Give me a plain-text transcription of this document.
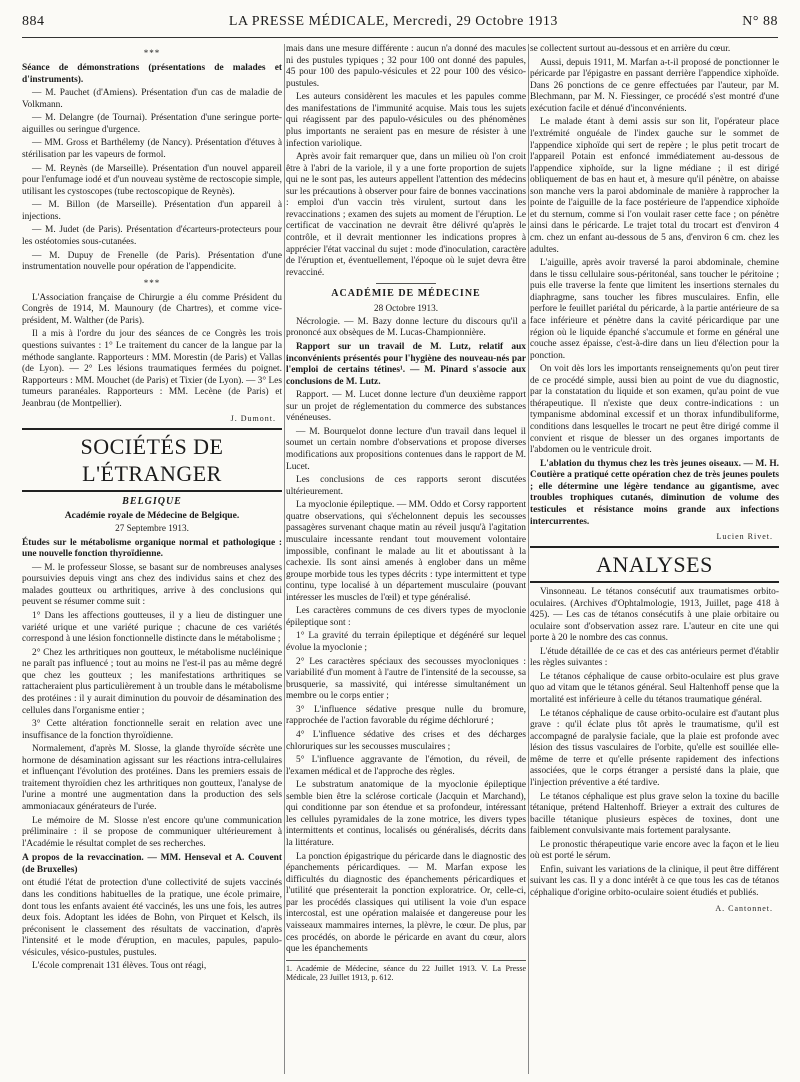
884	LA PRESSE MÉDICALE, Mercredi, 29 Octobre 1913	N° 88
***

Séance de démonstrations (présentations de malades et d'instruments).

— M. Pauchet (d'Amiens). Présentation d'un cas de maladie de Volkmann.

— M. Delangre (de Tournai). Présentation d'une seringue porte-aiguilles ou seringue d'urgence.

— MM. Gross et Barthélemy (de Nancy). Présentation d'étuves à stérilisation par les vapeurs de formol.

— M. Reynès (de Marseille). Présentation d'un nouvel appareil pour l'enfumage iodé et d'un nouveau système de rectoscopie simple, utilisant les cystoscopes (tube rectoscopique de Reynès).

— M. Billon (de Marseille). Présentation d'un appareil à injections.

— M. Judet (de Paris). Présentation d'écarteurs-protecteurs pour les ostéotomies sous-cutanées.

— M. Dupuy de Frenelle (de Paris). Présentation d'une instrumentation nouvelle pour opération de l'appendicite.

***

L'Association française de Chirurgie a élu comme Président du Congrès de 1914, M. Maunoury (de Chartres), et comme vice-président, M. Walther (de Paris).

Il a mis à l'ordre du jour des séances de ce Congrès les trois questions suivantes : 1° Le traitement du cancer de la langue par la méthode sanglante. Rapporteurs : MM. Morestin (de Paris) et Vallas (de Lyon). — 2° Les lésions traumatiques fermées du poignet. Rapporteurs : MM. Mouchet (de Paris) et Tixier (de Lyon). — 3° Les tumeurs paranéales. Rapporteurs : MM. Lecène (de Paris) et Jeanbrau (de Montpellier).

J. Dumont.
SOCIÉTÉS DE L'ÉTRANGER
BELGIQUE
Académie royale de Médecine de Belgique.
27 Septembre 1913.

Études sur le métabolisme organique normal et pathologique : une nouvelle fonction thyroïdienne.

— M. le professeur Slosse, se basant sur de nombreuses analyses poursuivies depuis vingt ans chez des individus sains et chez des malades goutteux ou arthritiques, arrive à des conclusions qui peuvent se résumer comme suit :

1° Dans les affections goutteuses, il y a lieu de distinguer une variété urique et une variété purique ; chacune de ces variétés correspond à une lésion fonctionnelle distincte dans le métabolisme ;

2° Chez les arthritiques non goutteux, le métabolisme nucléinique ne paraît pas influencé ; tout au moins ne l'est-il pas au même degré que chez les goutteux ; les manifestations arthritiques se rattacheraient plus particulièrement à un trouble dans le métabolisme des protéines : il y aurait diminution du pouvoir de désamination des cellules dans l'organisme entier ;

3° Cette altération fonctionnelle serait en relation avec une insuffisance de la fonction thyroïdienne.

Normalement, d'après M. Slosse, la glande thyroïde sécrète une hormone de désamination agissant sur les réactions intra-cellulaires et influençant l'évolution des protéines. Dans les premiers essais de traitement thyroïdien chez les arthritiques non goutteux, l'analyse de l'urine a montré une augmentation dans la production des sels ammoniacaux générateurs de l'urée.

Le mémoire de M. Slosse n'est encore qu'une communication préliminaire : il se propose de communiquer ultérieurement à l'Académie le résultat complet de ses recherches.

A propos de la revaccination. — MM. Henseval et A. Couvent (de Bruxelles)

ont étudié l'état de protection d'une collectivité de sujets vaccinés dans les conditions habituelles de la pratique, une école primaire, dont tous les enfants avaient été vaccinés, les uns une fois, les autres deux fois. Adoptant les idées de Bohn, von Pirquet et Kelsch, ils préconisent le classement des résultats de vaccination, d'après l'intensité et le mode d'éruption, en macules, papules, papulo-vésicules, vésico-pustules, pustules.

L'école comprenait 131 élèves. Tous ont réagi,

mais dans une mesure différente : aucun n'a donné des macules ni des pustules typiques ; 32 pour 100 ont donné des papules, 45 pour 100 des papulo-vésicules et 22 pour 100 des vésico-pustules.

Les auteurs considèrent les macules et les papules comme des manifestations de l'immunité acquise. Mais tous les sujets qui réagissent par des papulo-vésicules ou des phénomènes plus importants ne seraient pas en mesure de résister à une infection variolique.

Après avoir fait remarquer que, dans un milieu où l'on croit être à l'abri de la variole, il y a une forte proportion de sujets qui ne le sont pas, les auteurs appellent l'attention des médecins sur les précautions à observer pour faire de bonnes vaccinations : emploi d'un vaccin très virulent, surtout dans les revaccinations ; examen des sujets au moment de l'éruption. Le certificat de vaccination ne devrait être délivré qu'après le contrôle, et il devrait mentionner les indications propres à apprécier l'état vaccinal du sujet : mode d'inoculation, caractère de l'éruption et, éventuellement, l'époque où le sujet devra être revacciné.

ACADÉMIE DE MÉDECINE
28 Octobre 1913.

Nécrologie. — M. Bazy donne lecture du discours qu'il a prononcé aux obsèques de M. Lucas-Championnière.

Rapport sur un travail de M. Lutz, relatif aux inconvénients présentés pour l'hygiène des nouveau-nés par l'emploi de certains tétines¹. — M. Pinard s'associe aux conclusions de M. Lutz.

Rapport. — M. Lucet donne lecture d'un deuxième rapport sur un projet de réglementation du commerce des substances vénéneuses.

— M. Bourquelot donne lecture d'un travail dans lequel il soumet un certain nombre d'observations et propose diverses modifications aux propositions contenues dans le rapport de M. Lucet.

Les conclusions de ces rapports seront discutées ultérieurement.

La myoclonie épileptique. — MM. Oddo et Corsy rapportent quatre observations, qui s'échelonnent depuis les secousses passagères survenant chaque matin au réveil jusqu'à l'agitation musculaire incessante rendant tout mouvement volontaire impossible, confinant le malade au lit et aboutissant à la cachexie. Ils sont ainsi amenés à englober dans un même groupe morbide tous les types décrits : type intermittent et type continu, type localisé à un département musculaire (pouvant intéresser les muscles de l'œil) et type généralisé.

Les caractères communs de ces divers types de myoclonie épileptique sont :

1° La gravité du terrain épileptique et dégénéré sur lequel évolue la myoclonie ;

2° Les caractères spéciaux des secousses myocloniques : variabilité d'un moment à l'autre de l'intensité de la secousse, sa brusquerie, sa massivité, qui intéresse simultanément un membre ou le corps entier ;

3° L'influence sédative presque nulle du bromure, rapprochée de l'action favorable du régime déchloruré ;

4° L'influence sédative des crises et des décharges chloruriques sur les secousses musculaires ;

5° L'influence aggravante de l'émotion, du réveil, de l'examen médical et de l'approche des règles.

Le substratum anatomique de la myoclonie épileptique semble bien être la sclérose corticale (Jacquin et Marchand), qui conditionne par son étendue et sa profondeur, intéressant les cellules pyramidales de la zone motrice, les divers types intermittents et continus, localisés ou généralisés, décrits dans la littérature.

La ponction épigastrique du péricarde dans le diagnostic des épanchements péricardiques. — M. Marfan expose les difficultés du diagnostic des épanchements péricardiques et l'utilité que présenterait la ponction exploratrice. Or, celle-ci, par les procédés classiques qui utilisent la voie d'un espace intercostal, est une opération malaisée et dangereuse pour les vaisseaux mammaires internes, la plèvre, le cœur. De plus, par ces procédés, on aborde le péricarde en avant du cœur, alors que les épanchements

1. Académie de Médecine, séance du 22 Juillet 1913. V. La Presse Médicale, 23 Juillet 1913, p. 612.

se collectent surtout au-dessous et en arrière du cœur.

Aussi, depuis 1911, M. Marfan a-t-il proposé de ponctionner le péricarde par l'épigastre en passant derrière l'appendice xiphoïde. Dans 26 ponctions de ce genre effectuées par l'auteur, par M. Blechmann, par M. N. Fiessinger, ce procédé s'est montré d'une exécution facile et dénué d'inconvénients.

Le malade étant à demi assis sur son lit, l'opérateur place l'extrémité onguéale de l'index gauche sur le sommet de l'appendice xiphoïde qui sert de repère ; le plus petit trocart de l'appareil Potain est enfoncé immédiatement au-dessous de l'appendice xiphoïde, sur la ligne médiane ; il est dirigé obliquement de bas en haut et, à mesure qu'il pénètre, on abaisse son manche vers la paroi abdominale de manière à rapprocher la pointe de l'aiguille de la face postérieure de l'appendice xiphoïde et du sternum, comme si l'on voulait raser cette face ; on pénètre ainsi dans le péricarde. Le trajet total du trocart est d'environ 4 cm. chez un enfant au-dessous de 5 ans, d'environ 6 cm. chez les adultes.

L'aiguille, après avoir traversé la paroi abdominale, chemine dans le tissu cellulaire sous-péritonéal, sans toucher le péritoine ; puis elle traverse la fente que limitent les insertions sternales du diaphragme, sans toucher les fibres musculaires. Enfin, elle perfore le feuillet pariétal du péricarde, à la partie antérieure de sa face inférieure et pénètre dans la cavité péricardique par une région où le liquide épanché s'accumule et forme en général une couche assez épaisse, c'est-à-dire dans un lieu d'élection pour la ponction.

On voit dès lors les importants renseignements qu'on peut tirer de ce procédé simple, aussi bien au point de vue du diagnostic, par la constatation du liquide et son examen, qu'au point de vue thérapeutique. Il n'existe que deux contre-indications : un tympanisme abdominal excessif et un thorax infundibuliforme, conditions dans lesquelles le trocart ne peut être dirigé comme il convient et risque de blesser un des organes importants de l'abdomen ou le ventricule droit.

L'ablation du thymus chez les très jeunes oiseaux. — M. H. Coutière a pratiqué cette opération chez de très jeunes poulets ; elle détermine une légère tendance au gigantisme, avec troubles trophiques cutanés, diminution de volume des testicules et résistance moins grande aux infections intercurrentes.

Lucien Rivet.
ANALYSES

Vinsonneau. Le tétanos consécutif aux traumatismes orbito-oculaires. (Archives d'Ophtalmologie, 1913, Juillet, page 418 à 425). — Les cas de tétanos consécutifs à une plaie orbitaire ou oculaire sont d'observation assez rare. L'auteur en cite une qui porte à 20 le nombre des cas connus.

L'étude détaillée de ce cas et des cas antérieurs permet d'établir les règles suivantes :

Le tétanos céphalique de cause orbito-oculaire est plus grave quo ad vitam que le tétanos général. Seul Haltenhoff pense que la mortalité est inférieure à celle du tétanos traumatique général.

Le tétanos céphalique de cause orbito-oculaire est d'autant plus grave : qu'il éclate plus tôt après le traumatisme, qu'il est accompagné de paralysie faciale, que la plaie est profonde avec lésion des tissus vasculaires de l'orbite, qu'elle est souillée elle-même de terre et qu'elle présente rapidement des infections associées, que le corps étranger a persisté dans la plaie, que l'injection préventive a été tardive.

Le tétanos céphalique est plus grave selon la toxine du bacille tétanique, prétend Haltenhoff. Brieyer a extrait des cultures de bacille tétanique plusieurs espèces de toxines, dont une faiblement convulsivante mais fortement paralysante.

Le pronostic thérapeutique varie encore avec la façon et le lieu où est porté le sérum.

Enfin, suivant les variations de la clinique, il peut être différent suivant les cas. Il y a donc intérêt à ce que tous les cas de tétanos céphalique d'origine orbito-oculaire soient étudiés et publiés.

A. Cantonnet.
